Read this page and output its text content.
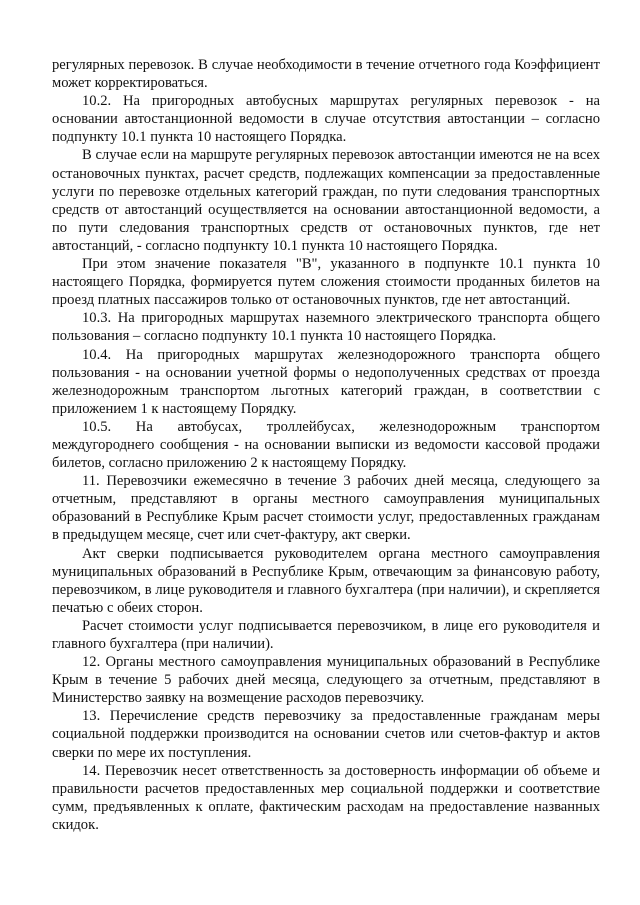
регулярных перевозок. В случае необходимости в течение отчетного года Коэффициент может корректироваться.

10.2. На пригородных автобусных маршрутах регулярных перевозок - на основании автостанционной ведомости в случае отсутствия автостанции – согласно подпункту 10.1 пункта 10 настоящего Порядка.

В случае если на маршруте регулярных перевозок автостанции имеются не на всех остановочных пунктах, расчет средств, подлежащих компенсации за предоставленные услуги по перевозке отдельных категорий граждан, по пути следования транспортных средств от автостанций осуществляется на основании автостанционной ведомости, а по пути следования транспортных средств от остановочных пунктов, где нет автостанций, - согласно подпункту 10.1 пункта 10 настоящего Порядка.

При этом значение показателя "В", указанного в подпункте 10.1 пункта 10 настоящего Порядка, формируется путем сложения стоимости проданных билетов на проезд платных пассажиров только от остановочных пунктов, где нет автостанций.

10.3. На пригородных маршрутах наземного электрического транспорта общего пользования – согласно подпункту 10.1 пункта 10 настоящего Порядка.

10.4. На пригородных маршрутах железнодорожного транспорта общего пользования - на основании учетной формы о недополученных средствах от проезда железнодорожным транспортом льготных категорий граждан, в соответствии с приложением 1 к настоящему Порядку.

10.5. На автобусах, троллейбусах, железнодорожным транспортом междугороднего сообщения - на основании выписки из ведомости кассовой продажи билетов, согласно приложению 2 к настоящему Порядку.

11. Перевозчики ежемесячно в течение 3 рабочих дней месяца, следующего за отчетным, представляют в органы местного самоуправления муниципальных образований в Республике Крым расчет стоимости услуг, предоставленных гражданам в предыдущем месяце, счет или счет-фактуру, акт сверки.

Акт сверки подписывается руководителем органа местного самоуправления муниципальных образований в Республике Крым, отвечающим за финансовую работу, перевозчиком, в лице руководителя и главного бухгалтера (при наличии), и скрепляется печатью с обеих сторон.

Расчет стоимости услуг подписывается перевозчиком, в лице его руководителя и главного бухгалтера (при наличии).

12. Органы местного самоуправления муниципальных образований в Республике Крым в течение 5 рабочих дней месяца, следующего за отчетным, представляют в Министерство заявку на возмещение расходов перевозчику.

13. Перечисление средств перевозчику за предоставленные гражданам меры социальной поддержки производится на основании счетов или счетов-фактур и актов сверки по мере их поступления.

14. Перевозчик несет ответственность за достоверность информации об объеме и правильности расчетов предоставленных мер социальной поддержки и соответствие сумм, предъявленных к оплате, фактическим расходам на предоставление названных скидок.
